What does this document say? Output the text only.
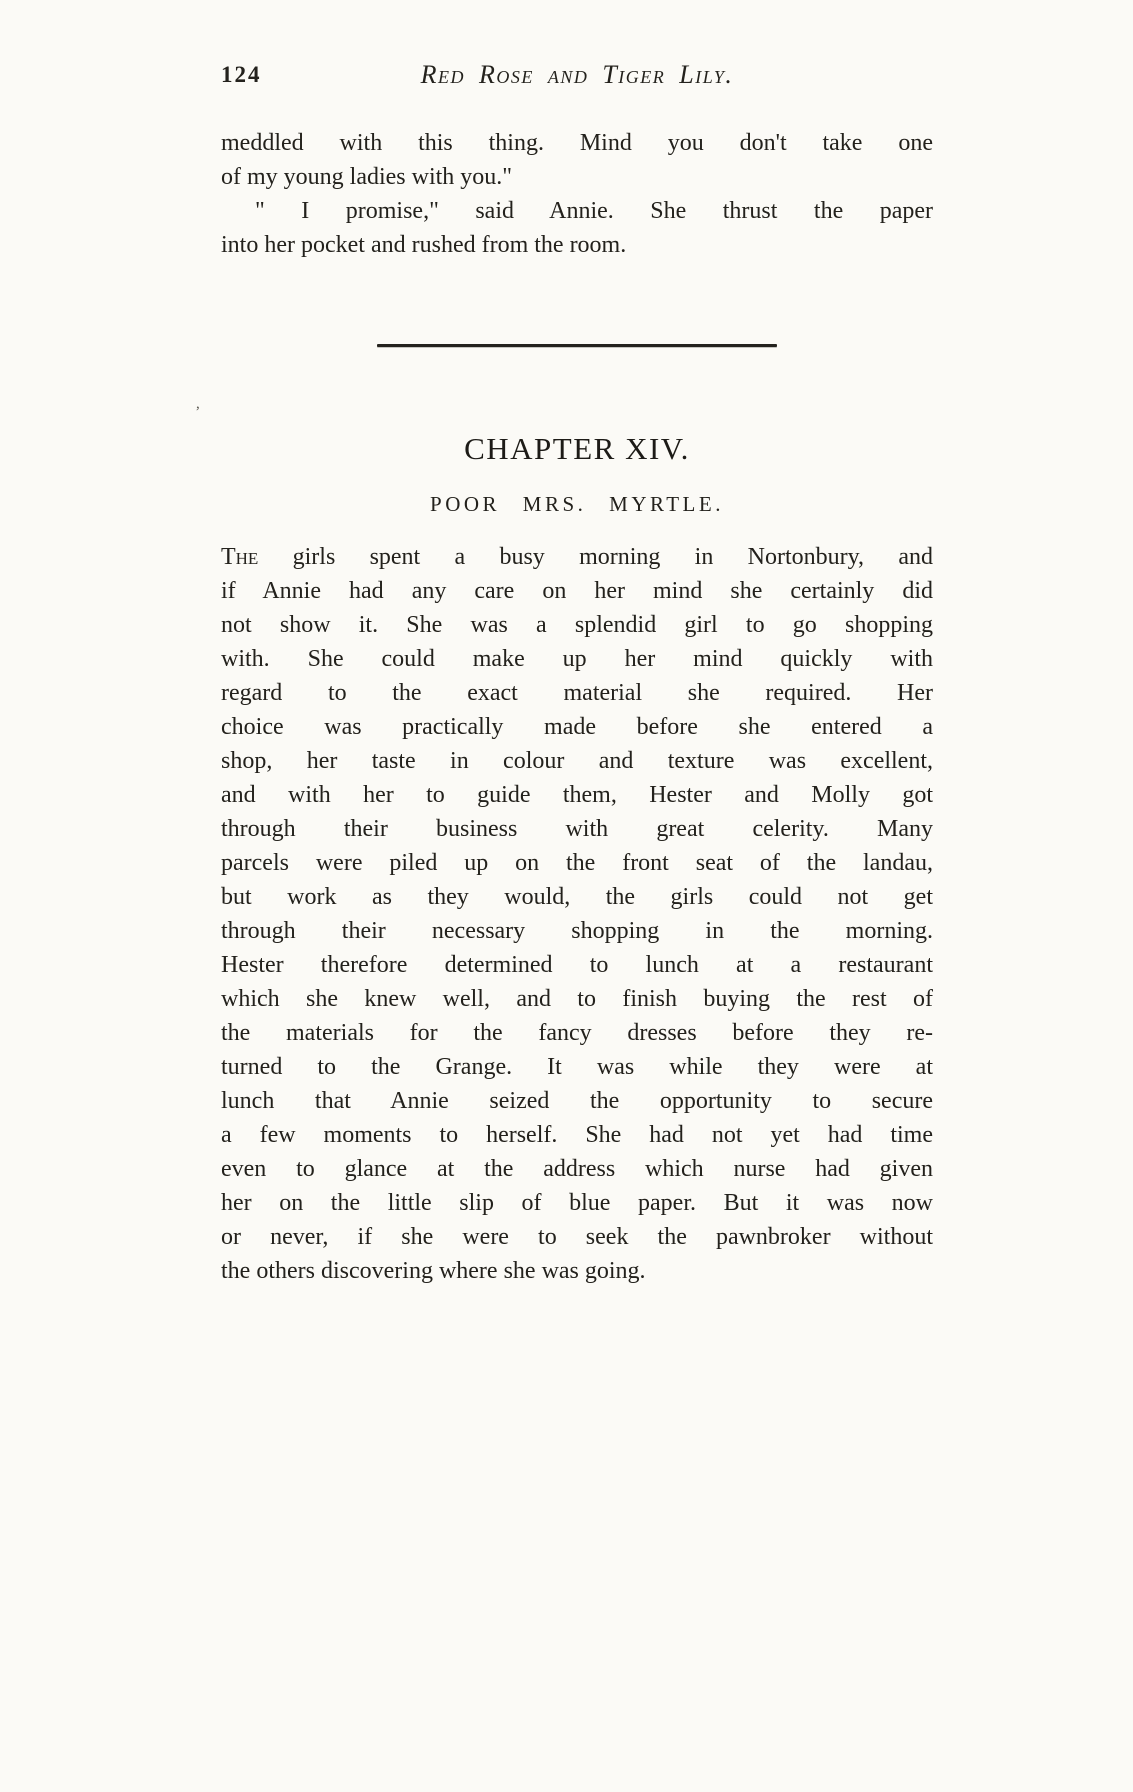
,
124	Red Rose and Tiger Lily.
meddled with this thing. Mind you don't take one
of my young ladies with you."
" I promise," said Annie. She thrust the paper
into her pocket and rushed from the room.
CHAPTER XIV.
POOR MRS. MYRTLE.
The girls spent a busy morning in Nortonbury, and
if Annie had any care on her mind she certainly did
not show it. She was a splendid girl to go shopping
with. She could make up her mind quickly with
regard to the exact material she required. Her
choice was practically made before she entered a
shop, her taste in colour and texture was excellent,
and with her to guide them, Hester and Molly got
through their business with great celerity. Many
parcels were piled up on the front seat of the landau,
but work as they would, the girls could not get
through their necessary shopping in the morning.
Hester therefore determined to lunch at a restaurant
which she knew well, and to finish buying the rest of
the materials for the fancy dresses before they re-
turned to the Grange. It was while they were at
lunch that Annie seized the opportunity to secure
a few moments to herself. She had not yet had time
even to glance at the address which nurse had given
her on the little slip of blue paper. But it was now
or never, if she were to seek the pawnbroker without
the others discovering where she was going.
